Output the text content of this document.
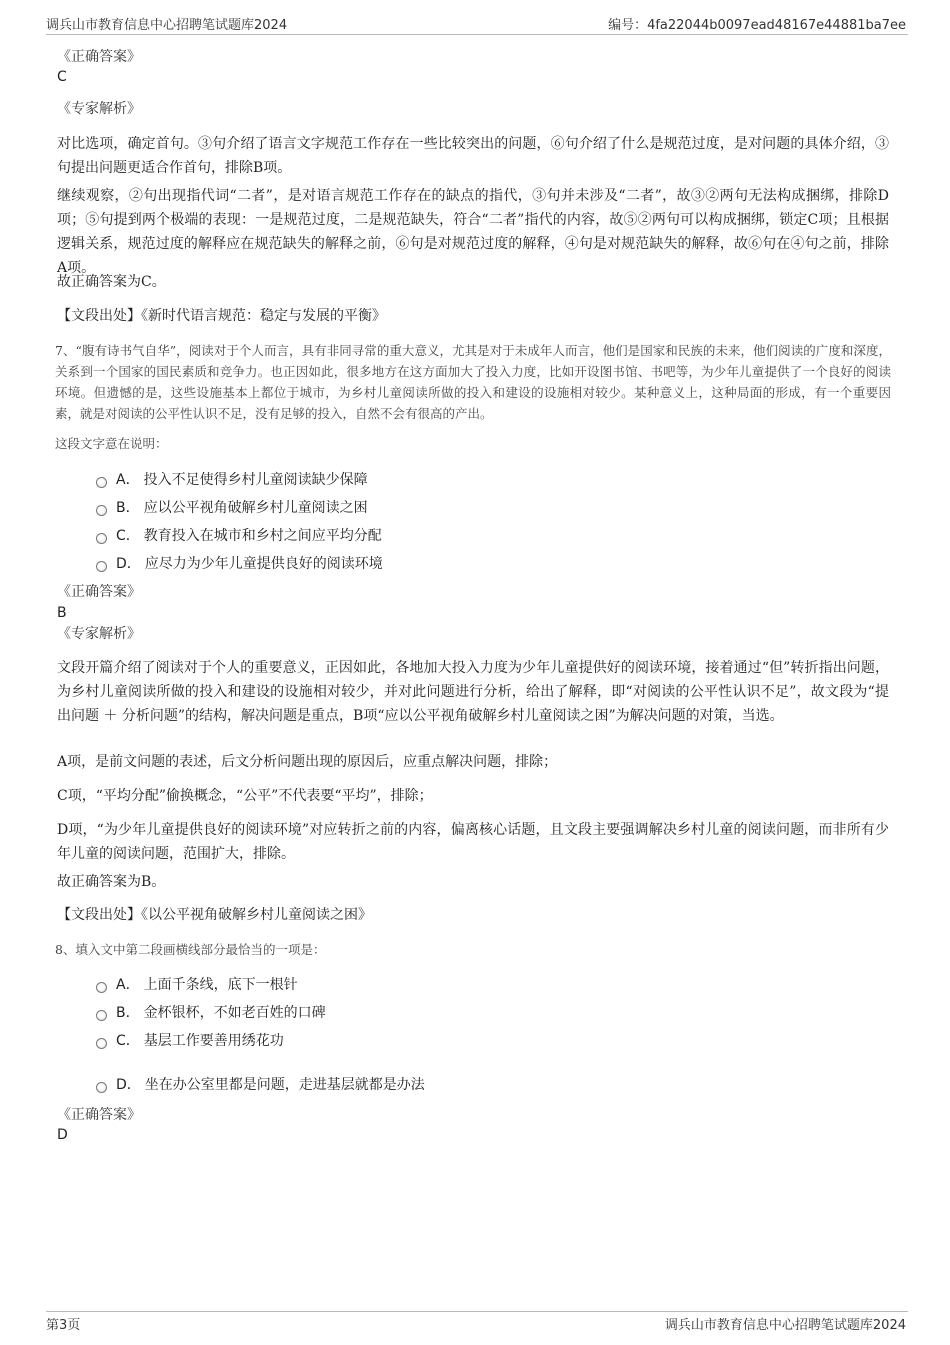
调兵山市教育信息中心招聘笔试题库2024	编号：4fa22044b0097ead48167e44881ba7ee
《正确答案》
C
《专家解析》
对比选项，确定首句。③句介绍了语言文字规范工作存在一些比较突出的问题，⑥句介绍了什么是规范过度，是对问题的具体介绍，③句提出问题更适合作首句，排除B项。
继续观察，②句出现指代词“二者”，是对语言规范工作存在的缺点的指代，③句并未涉及“二者”，故③②两句无法构成捆绑，排除D项；⑤句提到两个极端的表现：一是规范过度，二是规范缺失，符合“二者”指代的内容，故⑤②两句可以构成捆绑，锁定C项；且根据逻辑关系，规范过度的解释应在规范缺失的解释之前，⑥句是对规范过度的解释，④句是对规范缺失的解释，故⑥句在④句之前，排除A项。
故正确答案为C。
【文段出处】《新时代语言规范：稳定与发展的平衡》
7、“腹有诗书气自华”，阅读对于个人而言，具有非同寻常的重大意义，尤其是对于未成年人而言，他们是国家和民族的未来，他们阅读的广度和深度，关系到一个国家的国民素质和竞争力。也正因如此，很多地方在这方面加大了投入力度，比如开设图书馆、书吧等，为少年儿童提供了一个良好的阅读环境。但遗憾的是，这些设施基本上都位于城市，为乡村儿童阅读所做的投入和建设的设施相对较少。某种意义上，这种局面的形成，有一个重要因素，就是对阅读的公平性认识不足，没有足够的投入，自然不会有很高的产出。
这段文字意在说明：
A． 投入不足使得乡村儿童阅读缺少保障
B． 应以公平视角破解乡村儿童阅读之困
C． 教育投入在城市和乡村之间应平均分配
D． 应尽力为少年儿童提供良好的阅读环境
《正确答案》
B
《专家解析》
文段开篇介绍了阅读对于个人的重要意义，正因如此，各地加大投入力度为少年儿童提供好的阅读环境，接着通过“但”转折指出问题，为乡村儿童阅读所做的投入和建设的设施相对较少，并对此问题进行分析，给出了解释，即“对阅读的公平性认识不足”，故文段为“提出问题 ＋ 分析问题”的结构，解决问题是重点，B项“应以公平视角破解乡村儿童阅读之困”为解决问题的对策，当选。
A项，是前文问题的表述，后文分析问题出现的原因后，应重点解决问题，排除；
C项，“平均分配”偷换概念，“公平”不代表要“平均”，排除；
D项，“为少年儿童提供良好的阅读环境”对应转折之前的内容，偏离核心话题，且文段主要强调解决乡村儿童的阅读问题，而非所有少年儿童的阅读问题，范围扩大，排除。
故正确答案为B。
【文段出处】《以公平视角破解乡村儿童阅读之困》
8、填入文中第二段画横线部分最恰当的一项是：
A． 上面千条线，底下一根针
B． 金杯银杯，不如老百姓的口碑
C． 基层工作要善用绣花功
D． 坐在办公室里都是问题，走进基层就都是办法
《正确答案》
D
第3页	调兵山市教育信息中心招聘笔试题库2024
